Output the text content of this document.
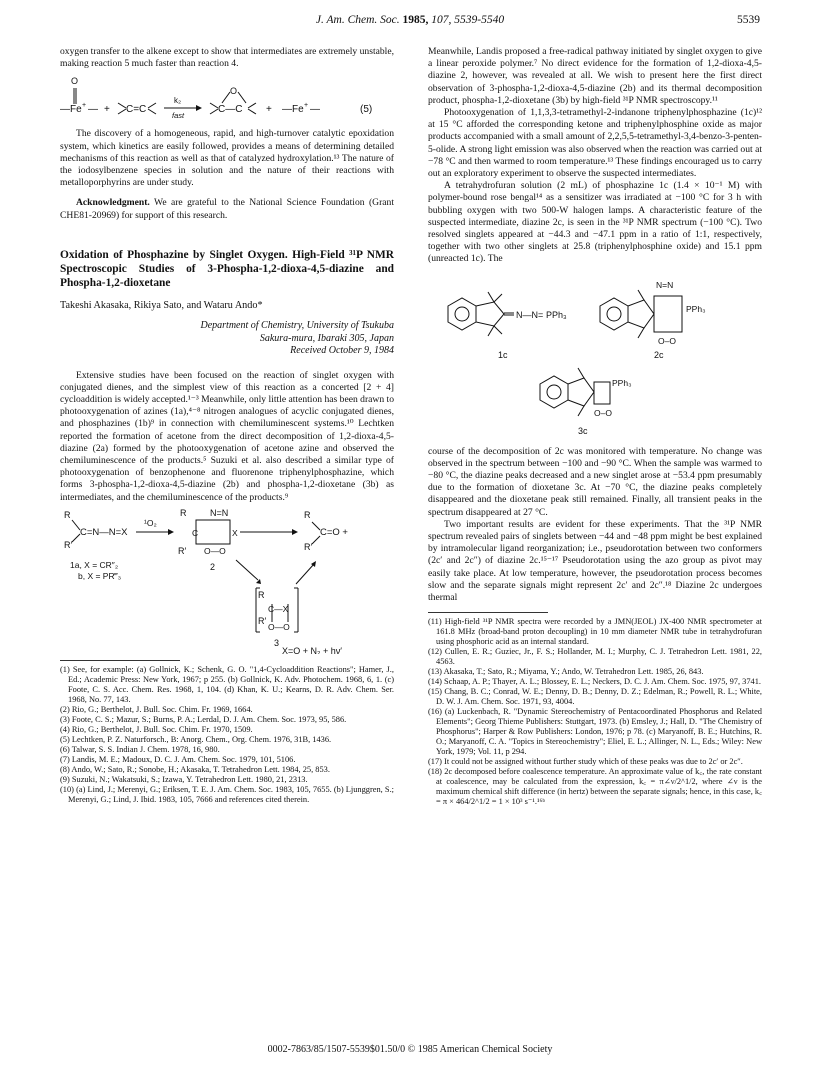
J. Am. Chem. Soc. 1985, 107, 5539-5540	5539

oxygen transfer to the alkene except to show that intermediates are extremely unstable, making reaction 5 much faster than reaction 4.

—Fe + —
O
+ C=C
k₂
fast
C—C
O
+ —Fe + —	(5)

The discovery of a homogeneous, rapid, and high-turnover catalytic epoxidation system, which kinetics are easily followed, provides a means of determining detailed mechanisms of this reaction as well as that of catalyzed hydroxylation.¹³ The nature of the iodosylbenzene species in solution and the nature of their reactions with metalloporphyrins are under study.

Acknowledgment. We are grateful to the National Science Foundation (Grant CHE81-20969) for support of this research.

Oxidation of Phosphazine by Singlet Oxygen. High-Field ³¹P NMR Spectroscopic Studies of 3-Phospha-1,2-dioxa-4,5-diazine and Phospha-1,2-dioxetane

Takeshi Akasaka, Rikiya Sato, and Wataru Ando*

Department of Chemistry, University of Tsukuba
Sakura-mura, Ibaraki 305, Japan
Received October 9, 1984

Extensive studies have been focused on the reaction of singlet oxygen with conjugated dienes, and the simplest view of this reaction as a concerted [2 + 4] cycloaddition is widely accepted.¹⁻³ Meanwhile, only little attention has been drawn to photooxygenation of azines (1a),⁴⁻⁸ nitrogen analogues of acyclic conjugated dienes, and phosphazines (1b)⁹ in connection with chemiluminescent systems.¹⁰ Lechtken reported the formation of acetone from the direct decomposition of 1,2-dioxa-4,5-diazine (2a) formed by the photooxygenation of acetone azine and observed the chemiluminescence of the products.⁵ Suzuki et al. also described a similar type of photooxygenation of benzophenone and fluorenone triphenylphosphazine, which forms 3-phospha-1,2-dioxa-4,5-diazine (2b) and phospha-1,2-dioxetane (3b) as intermediates, and the chemiluminescence of the products.⁹

R
R′
C=N—N=X
¹O₂
R	N=N
C	X
O—O
R′
R
R′
C=O +
1a, X = CR″₂
b, X = PR‴₃
2
R
R′
C—X
O—O
3
X=O + N₂ + hν′

(1) See, for example: (a) Gollnick, K.; Schenk, G. O. "1,4-Cycloaddition Reactions"; Hamer, J., Ed.; Academic Press: New York, 1967; p 255. (b) Gollnick, K. Adv. Photochem. 1968, 6, 1. (c) Foote, C. S. Acc. Chem. Res. 1968, 1, 104. (d) Khan, K. U.; Kearns, D. R. Adv. Chem. Ser. 1968, No. 77, 143.

(2) Rio, G.; Berthelot, J. Bull. Soc. Chim. Fr. 1969, 1664.

(3) Foote, C. S.; Mazur, S.; Burns, P. A.; Lerdal, D. J. Am. Chem. Soc. 1973, 95, 586.

(4) Rio, G.; Berthelot, J. Bull. Soc. Chim. Fr. 1970, 1509.

(5) Lechtken, P. Z. Naturforsch., B: Anorg. Chem., Org. Chem. 1976, 31B, 1436.

(6) Talwar, S. S. Indian J. Chem. 1978, 16, 980.

(7) Landis, M. E.; Madoux, D. C. J. Am. Chem. Soc. 1979, 101, 5106.

(8) Ando, W.; Sato, R.; Sonobe, H.; Akasaka, T. Tetrahedron Lett. 1984, 25, 853.

(9) Suzuki, N.; Wakatsuki, S.; Izawa, Y. Tetrahedron Lett. 1980, 21, 2313.

(10) (a) Lind, J.; Merenyi, G.; Eriksen, T. E. J. Am. Chem. Soc. 1983, 105, 7655. (b) Ljunggren, S.; Merenyi, G.; Lind, J. Ibid. 1983, 105, 7666 and references cited therein.

Meanwhile, Landis proposed a free-radical pathway initiated by singlet oxygen to give a linear peroxide polymer.⁷ No direct evidence for the formation of 1,2-dioxa-4,5-diazine 2, however, was revealed at all. We wish to present here the first direct observation of 3-phospha-1,2-dioxa-4,5-diazine (2b) and its thermal decomposition product, phospha-1,2-dioxetane (3b) by high-field ³¹P NMR spectroscopy.¹¹

Photooxygenation of 1,1,3,3-tetramethyl-2-indanone triphenylphosphazine (1c)¹² at 15 °C afforded the corresponding ketone and triphenylphosphine oxide as major products accompanied with a small amount of 2,2,5,5-tetramethyl-3,4-benzo-3-penten-5-olide. A strong light emission was also observed when the reaction was carried out at −78 °C and then warmed to room temperature.¹³ These findings encouraged us to carry out an exploratory experiment to observe the suspected intermediates.

A tetrahydrofuran solution (2 mL) of phosphazine 1c (1.4 × 10⁻¹ M) with polymer-bound rose bengal¹⁴ as a sensitizer was irradiated at −100 °C for 3 h with bubbling oxygen with two 500-W halogen lamps. A characteristic feature of the suspected intermediate, diazine 2c, is seen in the ³¹P NMR spectrum (−100 °C). Two resolved singlets appeared at −44.3 and −47.1 ppm in a ratio of 1:1, respectively, together with two other singlets at 25.8 (triphenylphosphine oxide) and 15.1 ppm (unreacted 1c). The

N—N= PPh₃
1c
N=N
PPh₃
O–O
2c
PPh₃
O–O
3c

course of the decomposition of 2c was monitored with temperature. No change was observed in the spectrum between −100 and −90 °C. When the sample was warmed to −80 °C, the diazine peaks decreased and a new singlet arose at −53.4 ppm presumably due to the formation of dioxetane 3c. At −70 °C, the diazine peaks completely disappeared and the dioxetane peak still remained. Finally, all transient peaks in the spectrum disappeared at 27 °C.

Two important results are evident for these experiments. That the ³¹P NMR spectrum revealed pairs of singlets between −44 and −48 ppm might be best explained by intramolecular ligand reorganization; i.e., pseudorotation between two conformers (2c′ and 2c″) of diazine 2c.¹⁵⁻¹⁷ Pseudorotation using the azo group as pivot may easily take place. At low temperature, however, the pseudorotation process becomes slow and the separate signals might represent 2c′ and 2c″.¹⁸ Diazine 2c undergoes thermal

(11) High-field ³¹P NMR spectra were recorded by a JMN(JEOL) JX-400 NMR spectrometer at 161.8 MHz (broad-band proton decoupling) in 10 mm diameter NMR tube in tetrahydrofuran using phosphoric acid as an internal standard.

(12) Cullen, E. R.; Guziec, Jr., F. S.; Hollander, M. I.; Murphy, C. J. Tetrahedron Lett. 1981, 22, 4563.

(13) Akasaka, T.; Sato, R.; Miyama, Y.; Ando, W. Tetrahedron Lett. 1985, 26, 843.

(14) Schaap, A. P.; Thayer, A. L.; Blossey, E. L.; Neckers, D. C. J. Am. Chem. Soc. 1975, 97, 3741.

(15) Chang, B. C.; Conrad, W. E.; Denny, D. B.; Denny, D. Z.; Edelman, R.; Powell, R. L.; White, D. W. J. Am. Chem. Soc. 1971, 93, 4004.

(16) (a) Luckenbach, R. "Dynamic Stereochemistry of Pentacoordinated Phosphorus and Related Elements"; Georg Thieme Publishers: Stuttgart, 1973. (b) Emsley, J.; Hall, D. "The Chemistry of Phosphorus"; Harper & Row Publishers: London, 1976; p 78. (c) Maryanoff, B. E.; Hutchins, R. O.; Maryanoff, C. A. "Topics in Stereochemistry"; Eliel, E. L.; Allinger, N. L., Eds.; Wiley: New York, 1979; Vol. 11, p 294.

(17) It could not be assigned without further study which of these peaks was due to 2c′ or 2c″.

(18) 2c decomposed before coalescence temperature. An approximate value of k꜀, the rate constant at coalescence, may be calculated from the expression, k꜀ = π∠ν/2^1/2, where ∠ν is the maximum chemical shift difference (in hertz) between the separate signals; hence, in this case, k꜀ = π × 464/2^1/2 = 1 × 10³ s⁻¹.¹⁶ᵇ

0002-7863/85/1507-5539$01.50/0 © 1985 American Chemical Society
